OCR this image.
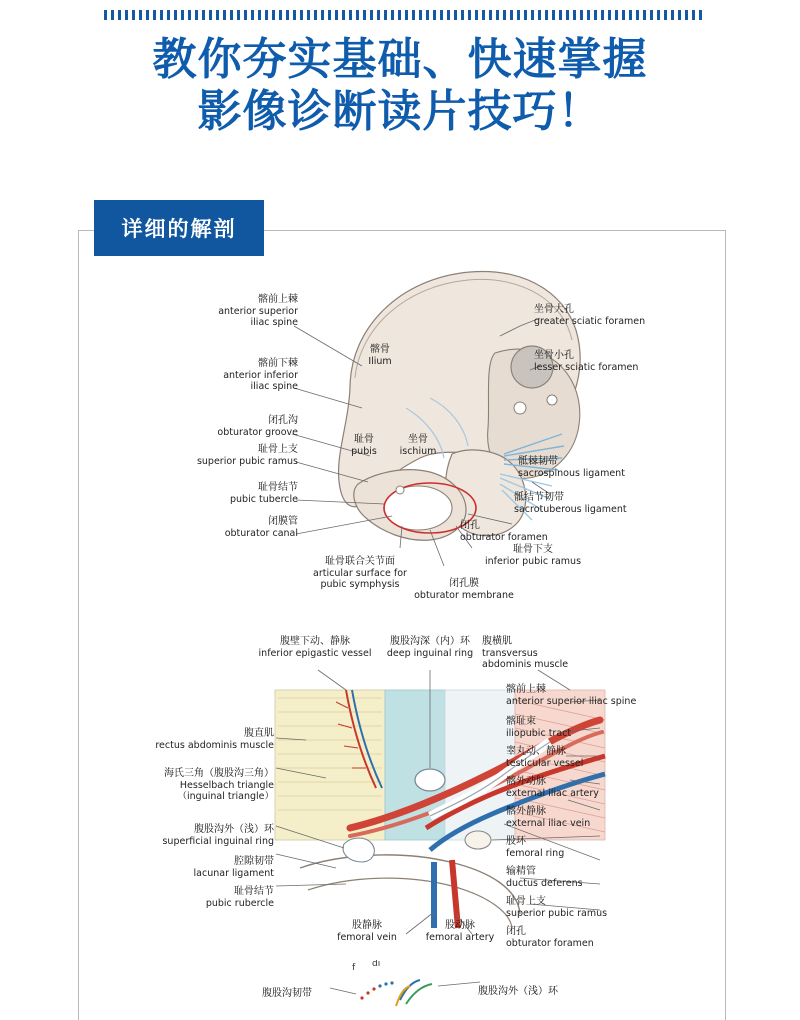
教你夯实基础、快速掌握
影像诊断读片技巧！
详细的解剖
髂前上棘
anterior superior
iliac spine
髂前下棘
anterior inferior
iliac spine
闭孔沟
obturator groove
耻骨上支
superior pubic ramus
耻骨结节
pubic tubercle
闭膜管
obturator canal
坐骨大孔
greater sciatic foramen
坐骨小孔
lesser sciatic foramen
骶棘韧带
sacrospinous ligament
骶结节韧带
sacrotuberous ligament
闭孔
obturator foramen
髂骨
Ilium
耻骨
pubis
坐骨
ischium
耻骨联合关节面
articular surface for
pubic symphysis	闭孔膜
obturator membrane
耻骨下支
inferior pubic ramus
腹壁下动、静脉
inferior epigastic vessel
腹股沟深（内）环
deep inguinal ring
腹横肌
transversus
abdominis muscle
腹直肌
rectus abdominis muscle
海氏三角（腹股沟三角）
Hesselbach triangle
（inguinal triangle）
腹股沟外（浅）环
superficial inguinal ring
腔隙韧带
lacunar ligament
耻骨结节
pubic rubercle
髂前上棘
anterior superior iliac spine
髂耻束
iliopubic tract
睾丸动、静脉
testicular vessel
髂外动脉
external iliac artery
髂外静脉
external iliac vein
股环
femoral ring
输精管
ductus deferens
耻骨上支
superior pubic ramus
闭孔
obturator foramen
股静脉
femoral vein
股动脉
femoral artery
f di
腹股沟韧带	腹股沟外（浅）环
